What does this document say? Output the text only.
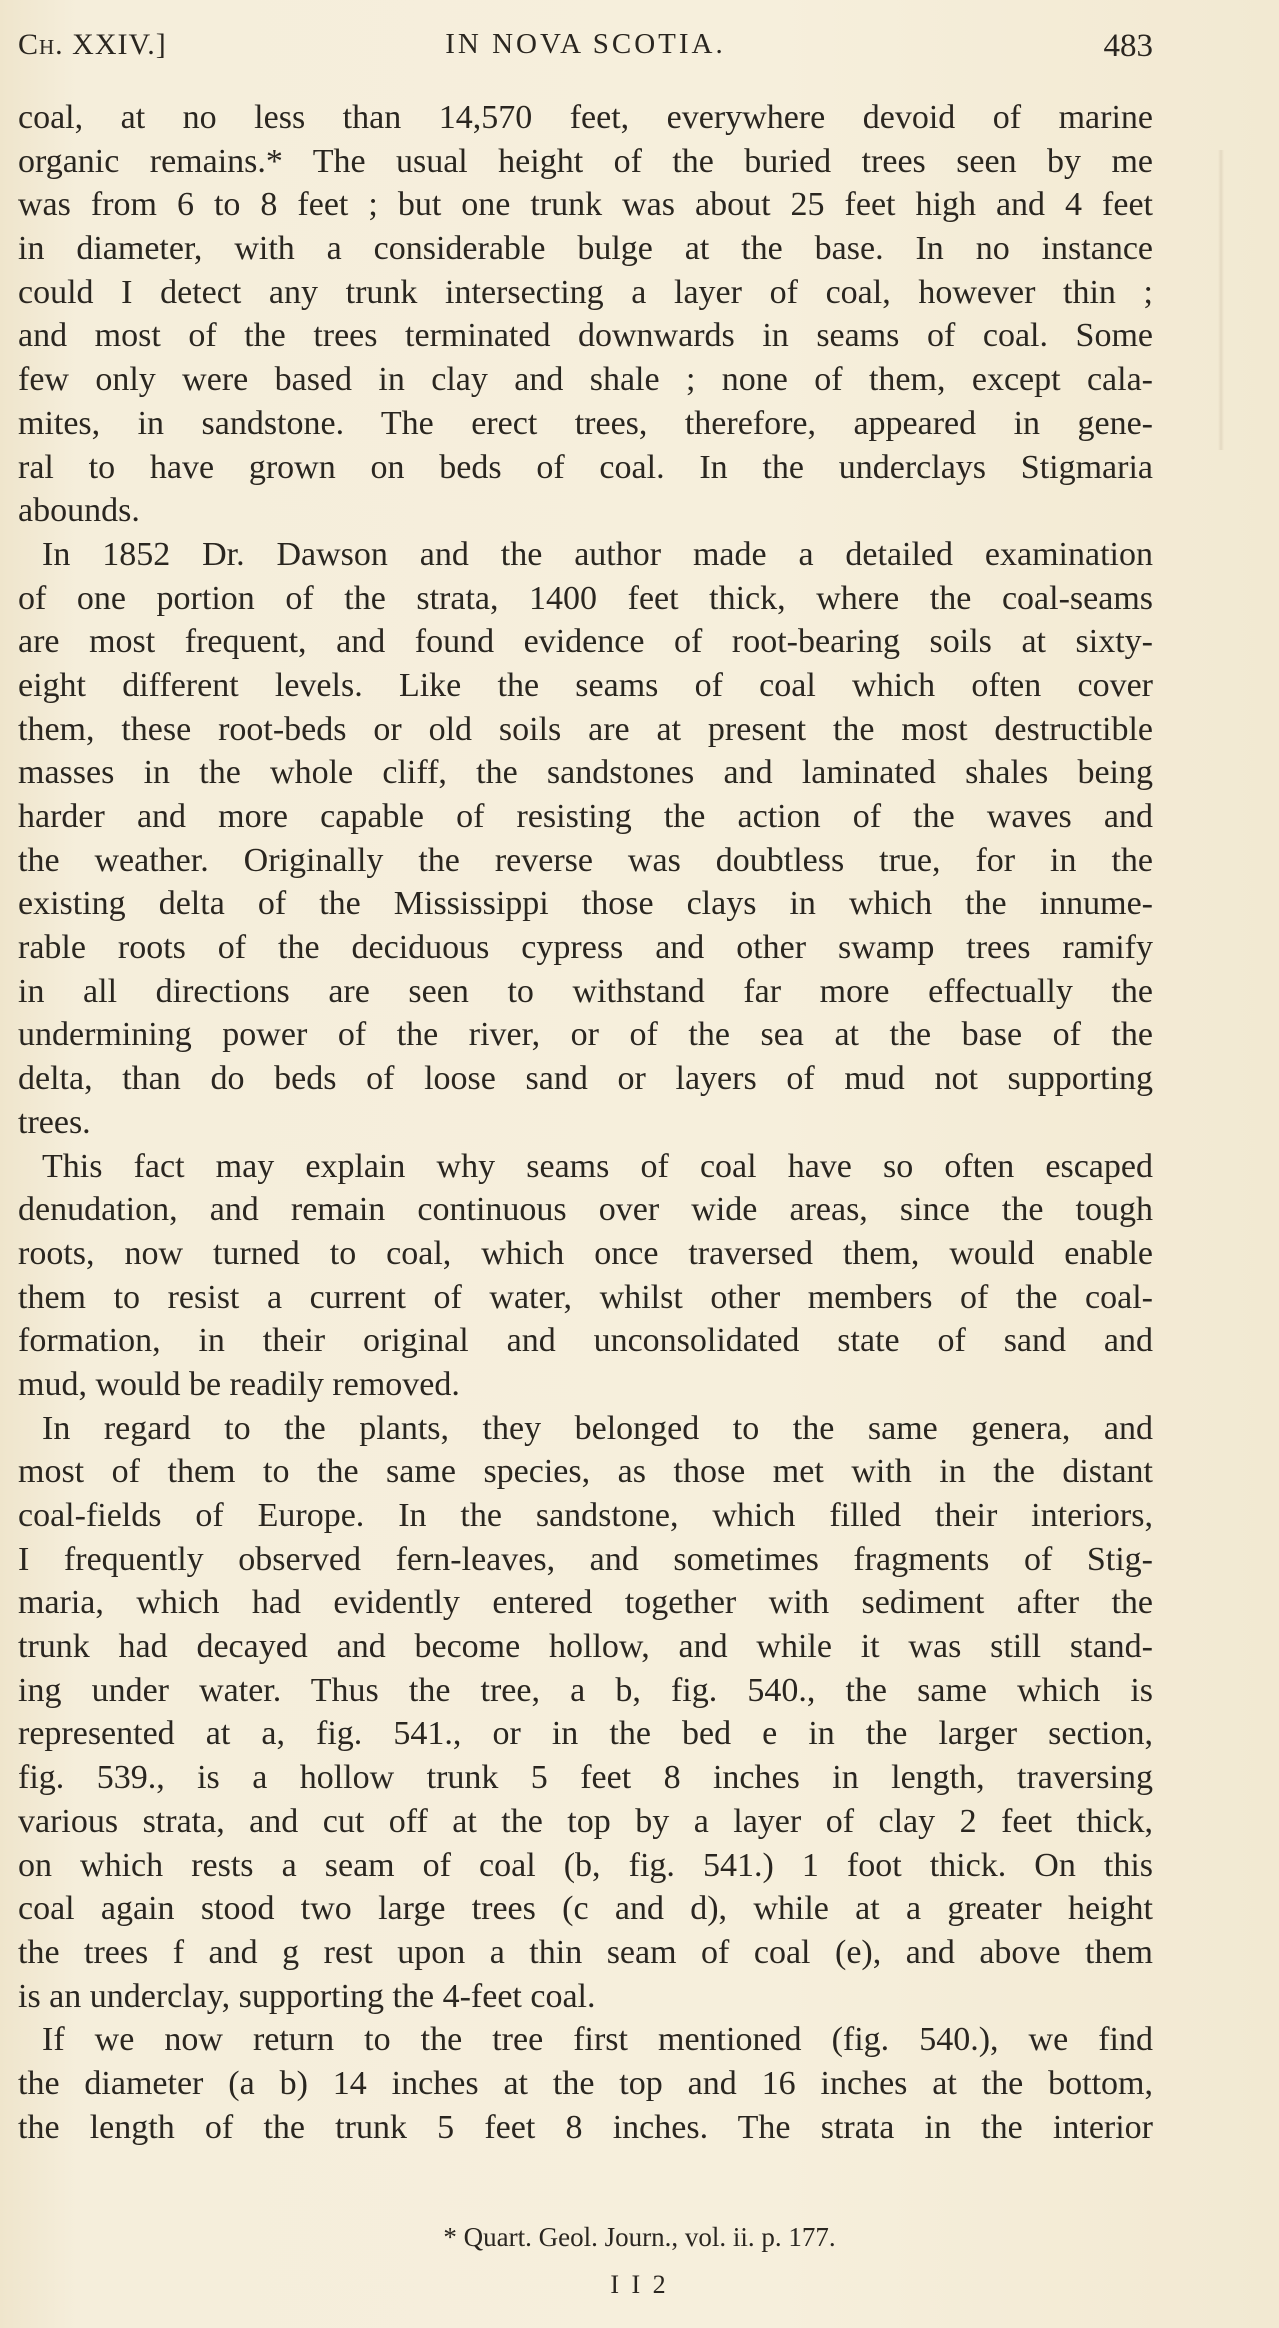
Ch. XXIV.]	IN NOVA SCOTIA.	483
coal, at no less than 14,570 feet, everywhere devoid of marine
organic remains.* The usual height of the buried trees seen by me
was from 6 to 8 feet ; but one trunk was about 25 feet high and 4 feet
in diameter, with a considerable bulge at the base. In no instance
could I detect any trunk intersecting a layer of coal, however thin ;
and most of the trees terminated downwards in seams of coal. Some
few only were based in clay and shale ; none of them, except cala-
mites, in sandstone. The erect trees, therefore, appeared in gene-
ral to have grown on beds of coal. In the underclays Stigmaria
abounds.
In 1852 Dr. Dawson and the author made a detailed examination
of one portion of the strata, 1400 feet thick, where the coal-seams
are most frequent, and found evidence of root-bearing soils at sixty-
eight different levels. Like the seams of coal which often cover
them, these root-beds or old soils are at present the most destructible
masses in the whole cliff, the sandstones and laminated shales being
harder and more capable of resisting the action of the waves and
the weather. Originally the reverse was doubtless true, for in the
existing delta of the Mississippi those clays in which the innume-
rable roots of the deciduous cypress and other swamp trees ramify
in all directions are seen to withstand far more effectually the
undermining power of the river, or of the sea at the base of the
delta, than do beds of loose sand or layers of mud not supporting
trees.
This fact may explain why seams of coal have so often escaped
denudation, and remain continuous over wide areas, since the tough
roots, now turned to coal, which once traversed them, would enable
them to resist a current of water, whilst other members of the coal-
formation, in their original and unconsolidated state of sand and
mud, would be readily removed.
In regard to the plants, they belonged to the same genera, and
most of them to the same species, as those met with in the distant
coal-fields of Europe. In the sandstone, which filled their interiors,
I frequently observed fern-leaves, and sometimes fragments of Stig-
maria, which had evidently entered together with sediment after the
trunk had decayed and become hollow, and while it was still stand-
ing under water. Thus the tree, a b, fig. 540., the same which is
represented at a, fig. 541., or in the bed e in the larger section,
fig. 539., is a hollow trunk 5 feet 8 inches in length, traversing
various strata, and cut off at the top by a layer of clay 2 feet thick,
on which rests a seam of coal (b, fig. 541.) 1 foot thick. On this
coal again stood two large trees (c and d), while at a greater height
the trees f and g rest upon a thin seam of coal (e), and above them
is an underclay, supporting the 4-feet coal.
If we now return to the tree first mentioned (fig. 540.), we find
the diameter (a b) 14 inches at the top and 16 inches at the bottom,
the length of the trunk 5 feet 8 inches. The strata in the interior
* Quart. Geol. Journ., vol. ii. p. 177.
I I 2
